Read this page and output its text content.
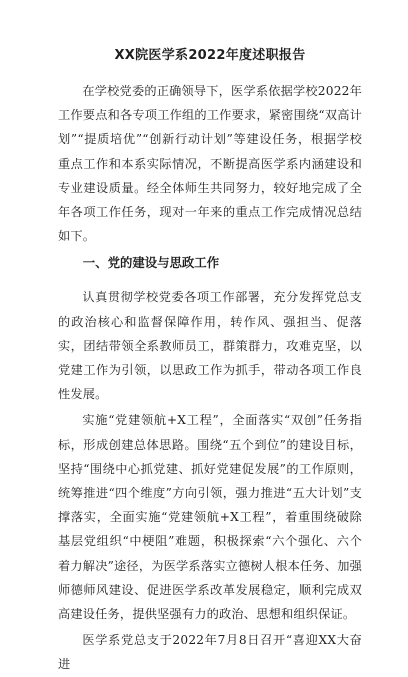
XX院医学系2022年度述职报告

在学校党委的正确领导下，医学系依据学校2022年工作要点和各专项工作组的工作要求，紧密围绕“双高计划”“提质培优”“创新行动计划”等建设任务，根据学校重点工作和本系实际情况，不断提高医学系内涵建设和专业建设质量。经全体师生共同努力，较好地完成了全年各项工作任务，现对一年来的重点工作完成情况总结如下。

一、党的建设与思政工作

认真贯彻学校党委各项工作部署，充分发挥党总支的政治核心和监督保障作用，转作风、强担当、促落实，团结带领全系教师员工，群策群力，攻难克坚，以党建工作为引领，以思政工作为抓手，带动各项工作良性发展。

实施“党建领航+X工程”，全面落实“双创”任务指标，形成创建总体思路。围绕“五个到位”的建设目标，坚持“围绕中心抓党建、抓好党建促发展”的工作原则，统筹推进“四个维度”方向引领，强力推进“五大计划”支撑落实，全面实施“党建领航+X工程”，着重围绕破除基层党组织“中梗阻”难题，积极探索“六个强化、六个着力解决”途径，为医学系落实立德树人根本任务、加强师德师风建设、促进医学系改革发展稳定，顺利完成双高建设任务，提供坚强有力的政治、思想和组织保证。

医学系党总支于2022年7月8日召开“喜迎XX大奋进
